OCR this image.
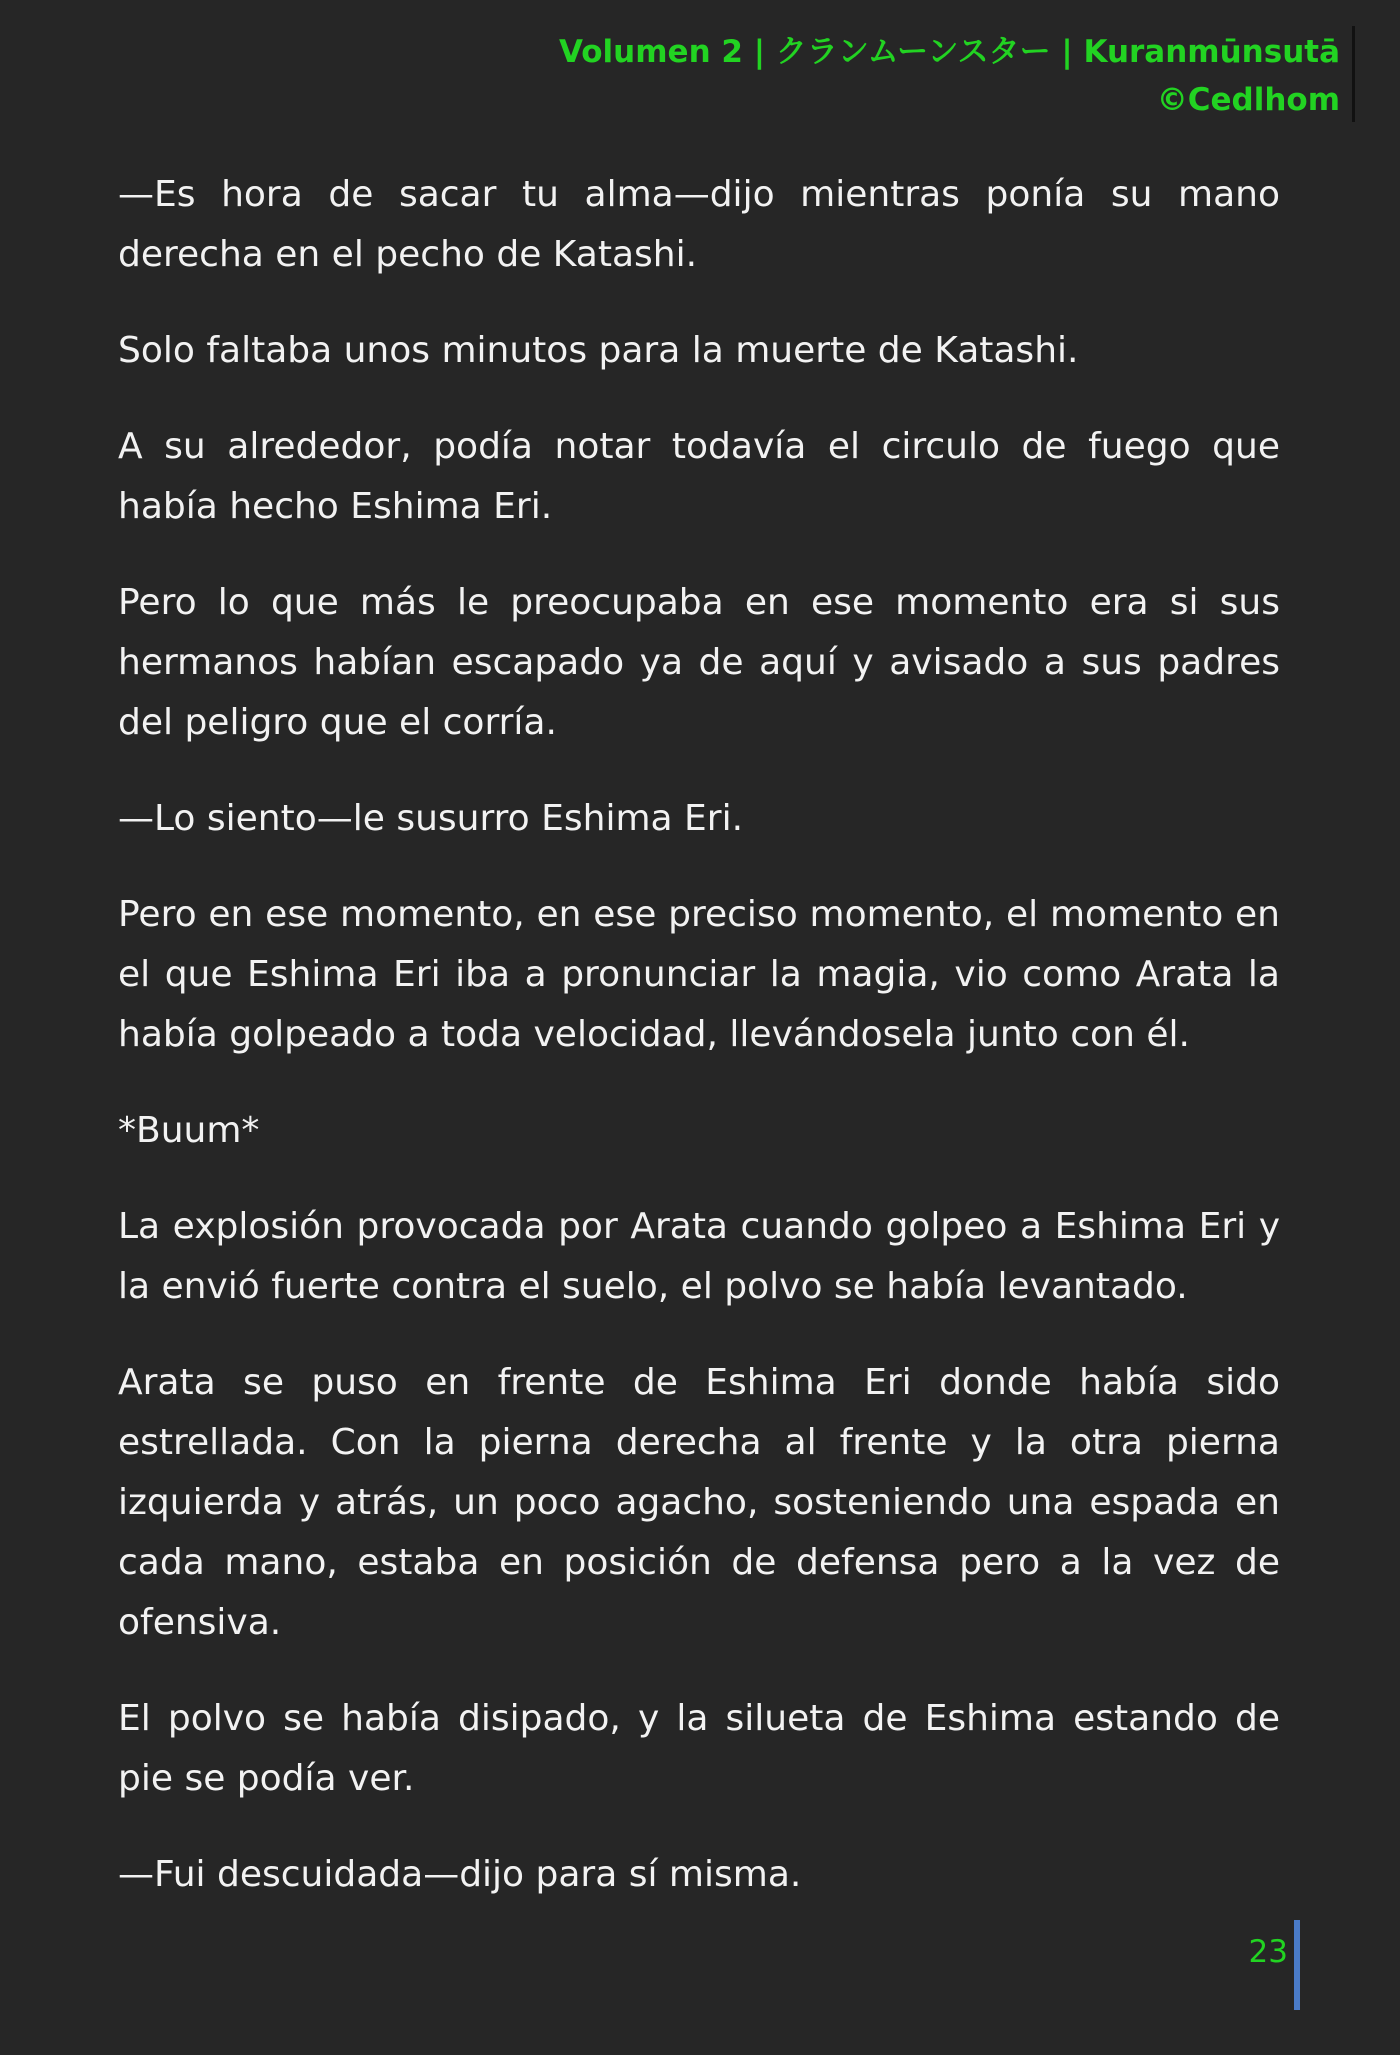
Volumen 2 | クランムーンスター | Kuranmūnsutā
©Cedlhom

—Es hora de sacar tu alma—dijo mientras ponía su mano derecha en el pecho de Katashi.

Solo faltaba unos minutos para la muerte de Katashi.

A su alrededor, podía notar todavía el circulo de fuego que había hecho Eshima Eri.

Pero lo que más le preocupaba en ese momento era si sus hermanos habían escapado ya de aquí y avisado a sus padres del peligro que el corría.

—Lo siento—le susurro Eshima Eri.

Pero en ese momento, en ese preciso momento, el momento en el que Eshima Eri iba a pronunciar la magia, vio como Arata la había golpeado a toda velocidad, llevándosela junto con él.

*Buum*

La explosión provocada por Arata cuando golpeo a Eshima Eri y la envió fuerte contra el suelo, el polvo se había levantado.

Arata se puso en frente de Eshima Eri donde había sido estrellada. Con la pierna derecha al frente y la otra pierna izquierda y atrás, un poco agacho, sosteniendo una espada en cada mano, estaba en posición de defensa pero a la vez de ofensiva.

El polvo se había disipado, y la silueta de Eshima estando de pie se podía ver.

—Fui descuidada—dijo para sí misma.

23
